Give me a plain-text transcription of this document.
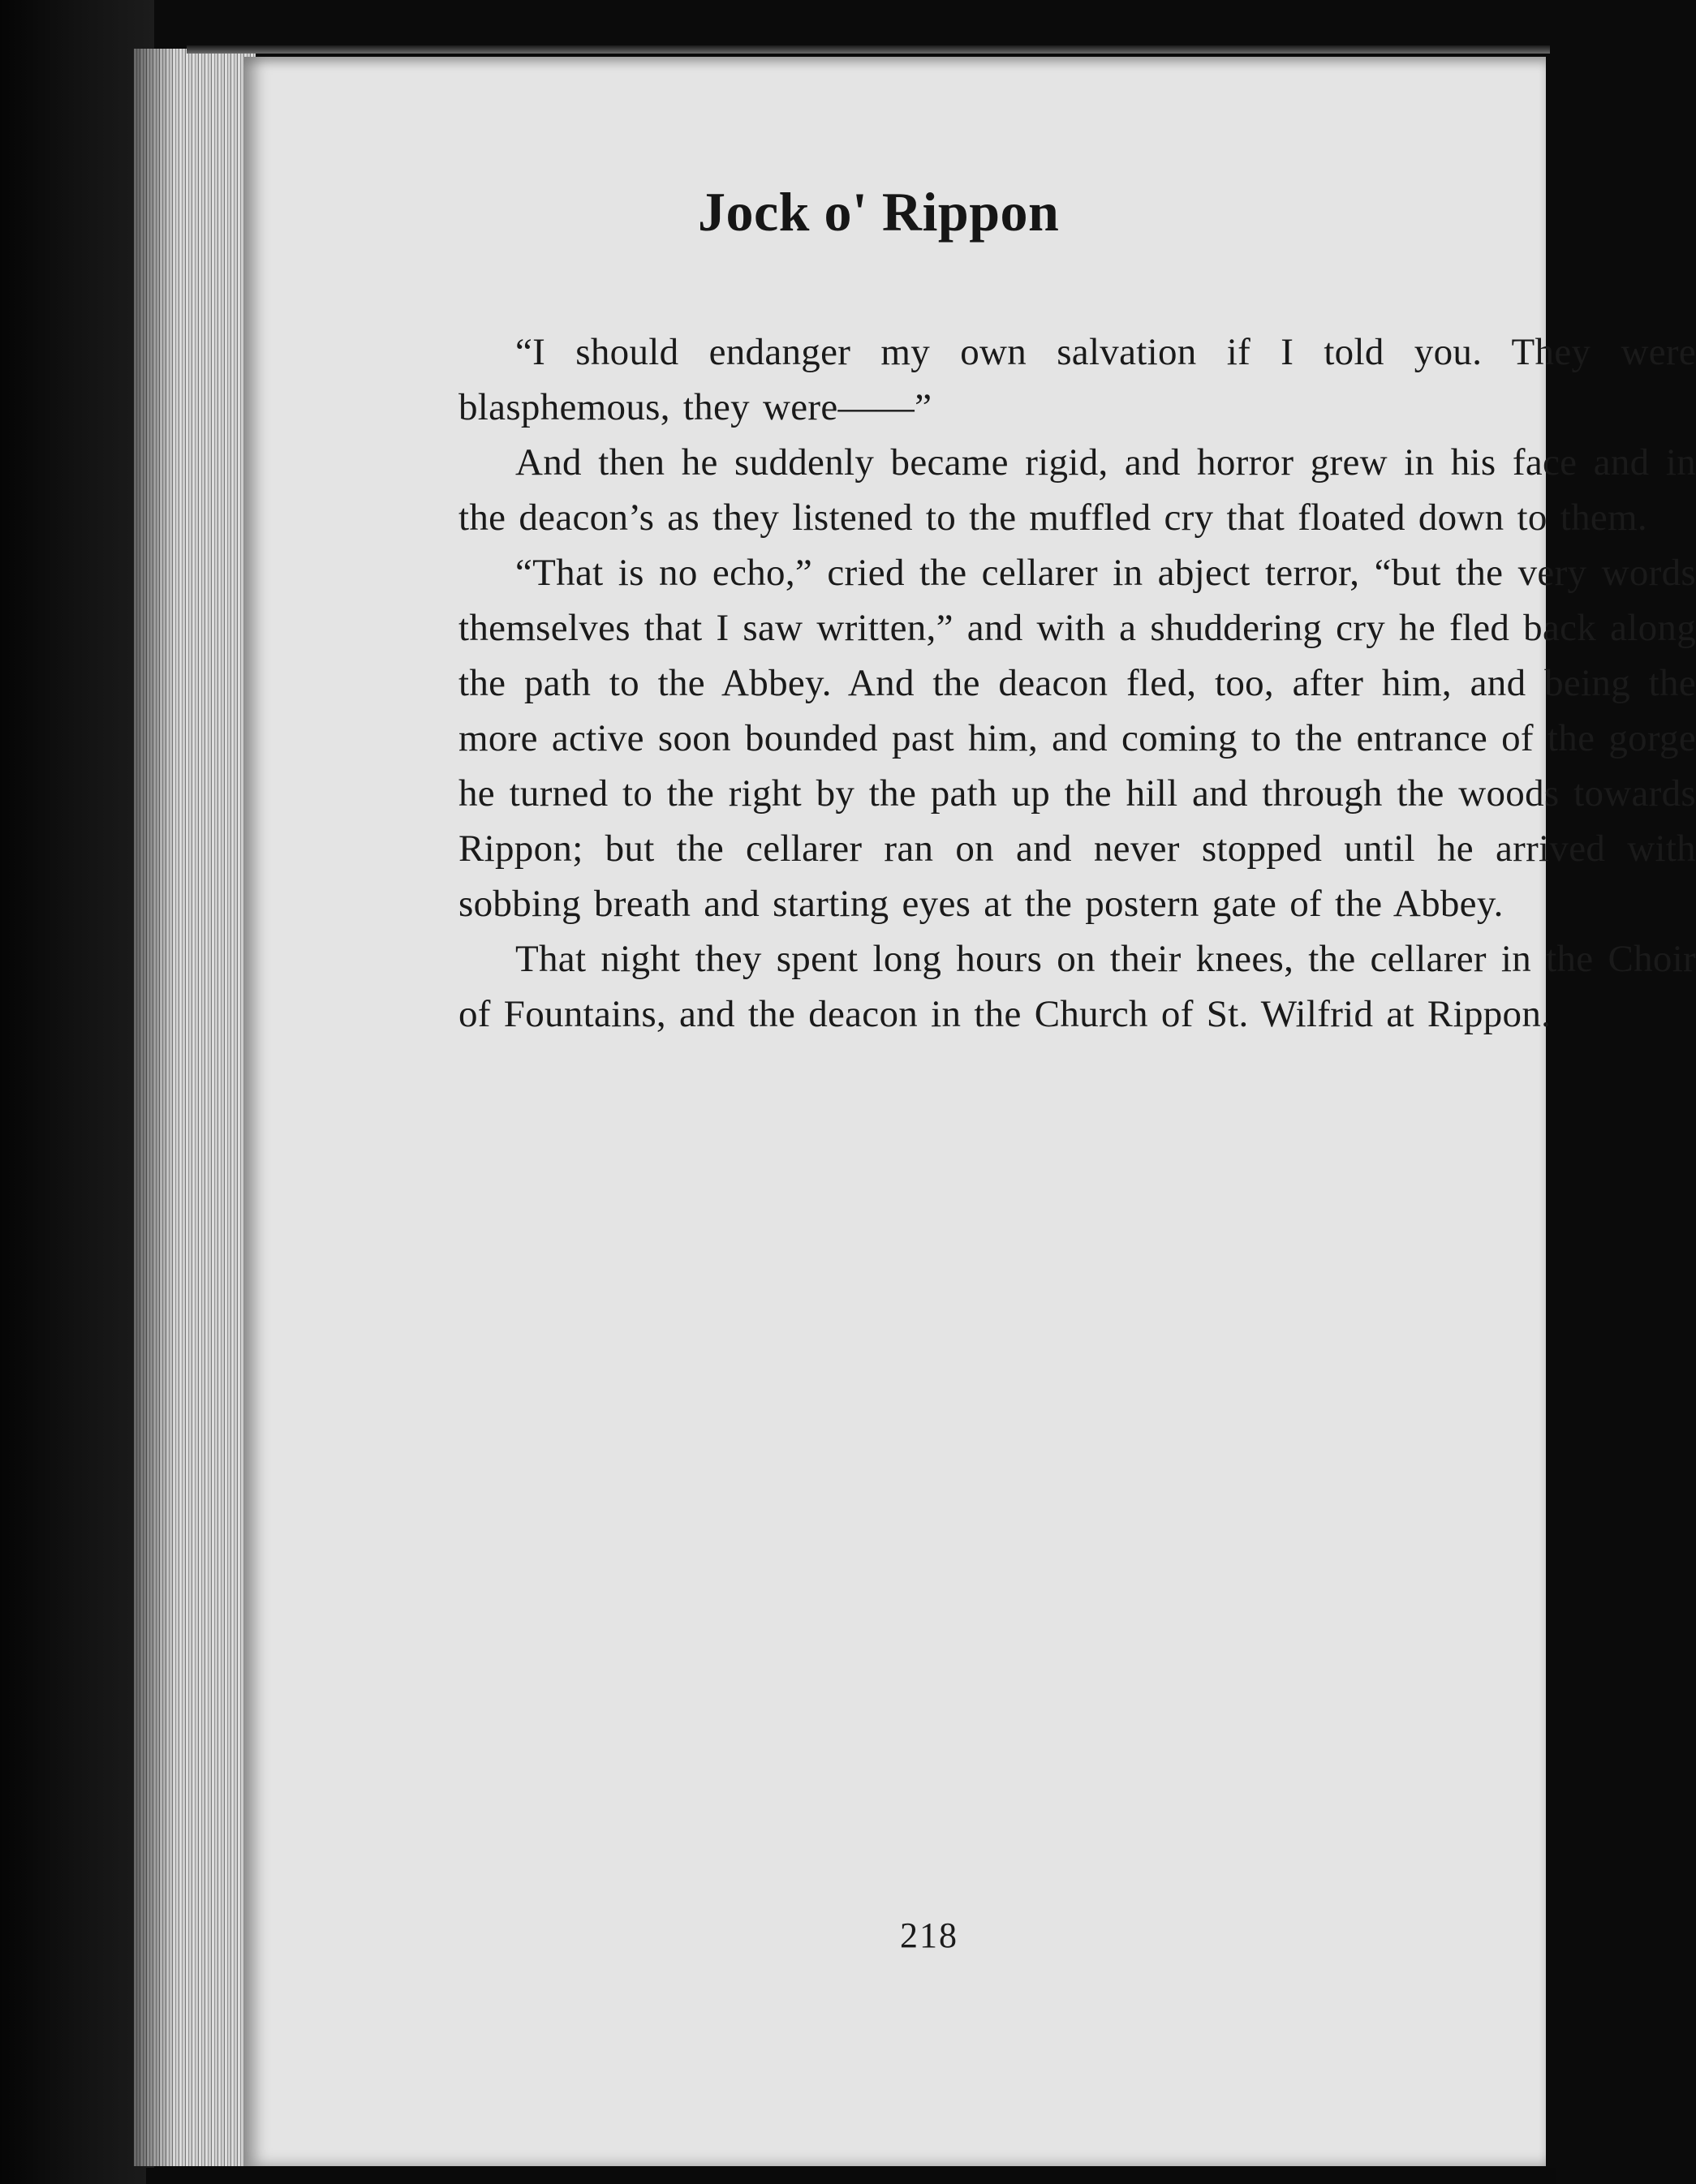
Jock o' Rippon

“I should endanger my own salvation if I told you. They were blasphemous, they were——”

And then he suddenly became rigid, and horror grew in his face and in the deacon’s as they listened to the muffled cry that floated down to them.

“That is no echo,” cried the cellarer in abject terror, “but the very words themselves that I saw written,” and with a shuddering cry he fled back along the path to the Abbey. And the deacon fled, too, after him, and being the more active soon bounded past him, and coming to the entrance of the gorge he turned to the right by the path up the hill and through the woods towards Rippon; but the cellarer ran on and never stopped until he arrived with sobbing breath and starting eyes at the postern gate of the Abbey.

That night they spent long hours on their knees, the cellarer in the Choir of Fountains, and the deacon in the Church of St. Wilfrid at Rippon.

218
